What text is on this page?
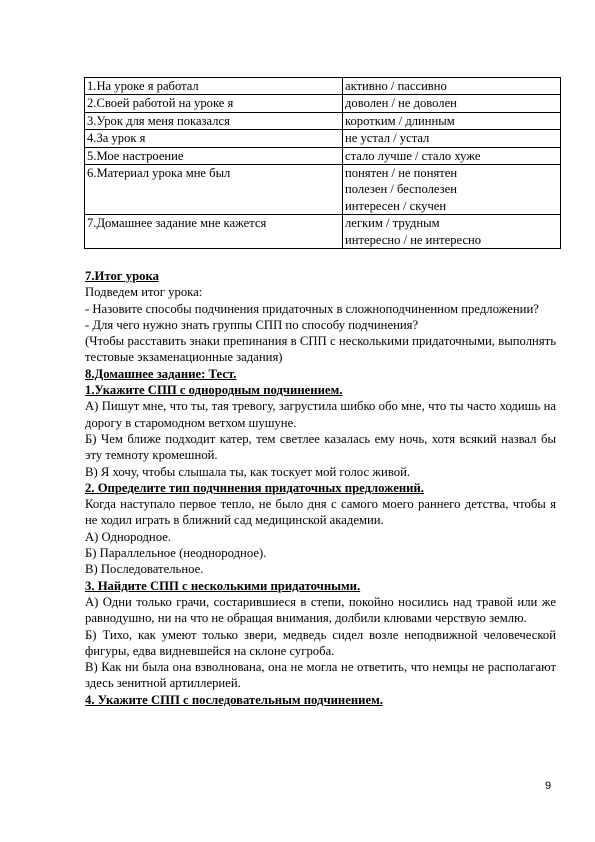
1.На уроке я работал	активно / пассивно

2.Своей работой на уроке я	доволен / не доволен

3.Урок для меня показался	коротким / длинным

4.За урок я	не устал / устал

5.Мое настроение	стало лучше / стало хуже

6.Материал урока мне был	понятен / не понятен
полезен / бесполезен
интересен / скучен

7.Домашнее задание мне кажется	легким / трудным
интересно / не интересно

7.Итог урока

Подведем итог урока:

- Назовите способы подчинения придаточных в сложноподчиненном предложении?

- Для чего нужно знать группы СПП по способу подчинения?

(Чтобы расставить знаки препинания в СПП с несколькими придаточными, выполнять тестовые экзаменационные задания)

8.Домашнее задание: Тест.

1.Укажите СПП с однородным подчинением.

А) Пишут мне, что ты, тая тревогу, загрустила шибко обо мне, что ты часто ходишь на дорогу в старомодном ветхом шушуне.

Б) Чем ближе подходит катер, тем светлее казалась ему ночь, хотя всякий назвал бы эту темноту кромешной.

В) Я хочу, чтобы слышала ты, как тоскует мой голос живой.

2. Определите тип подчинения придаточных предложений.

Когда наступало первое тепло, не было дня с самого моего раннего детства, чтобы я не ходил играть в ближний сад медицинской академии.

А) Однородное.

Б) Параллельное (неоднородное).

В) Последовательное.

3. Найдите СПП с несколькими придаточными.

А) Одни только грачи, состарившиеся в степи, покойно носились над травой или же равнодушно, ни на что не обращая внимания, долбили клювами черствую землю.

Б) Тихо, как умеют только звери, медведь сидел возле неподвижной человеческой фигуры, едва видневшейся на склоне сугроба.

В) Как ни была она взволнована, она не могла не ответить, что немцы не располагают здесь зенитной артиллерией.

4. Укажите СПП с последовательным подчинением.

9
